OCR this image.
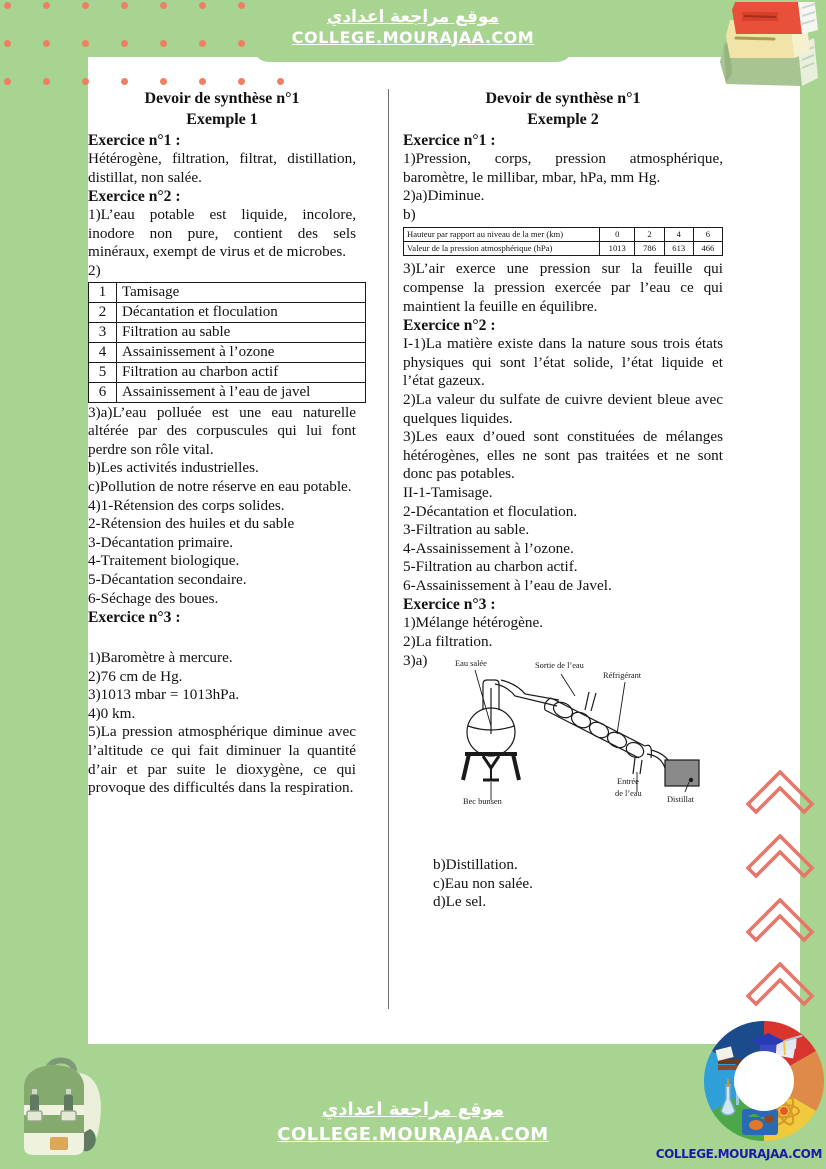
موقع مراجعة اعدادي
COLLEGE.MOURAJAA.COM
موقع مراجعة اعدادي
COLLEGE.MOURAJAA.COM
COLLEGE.MOURAJAA.COM
Devoir de synthèse n°1
Exemple 1
Exercice n°1 :

Hétérogène, filtration, filtrat, distillation, distillat, non salée.

Exercice n°2 :

1)L’eau potable est liquide, incolore, inodore non pure, contient des sels minéraux, exempt de virus et de microbes.

2)

1	Tamisage
2	Décantation et floculation
3	Filtration au sable
4	Assainissement à l’ozone
5	Filtration au charbon actif
6	Assainissement à l’eau de javel

3)a)L’eau polluée est une eau naturelle altérée par des corpuscules qui lui font perdre son rôle vital.

b)Les activités industrielles.

c)Pollution de notre réserve en eau potable.

4)1-Rétension des corps solides.

2-Rétension des huiles et du sable

3-Décantation primaire.

4-Traitement biologique.

5-Décantation secondaire.

6-Séchage des boues.

Exercice n°3 :

1)Baromètre à mercure.

2)76 cm de Hg.

3)1013 mbar = 1013hPa.

4)0 km.

5)La pression atmosphérique diminue avec l’altitude ce qui fait diminuer la quantité d’air et par suite le dioxygène, ce qui provoque des difficultés dans la respiration.

Devoir de synthèse n°1
Exemple 2
Exercice n°1 :

1)Pression, corps, pression atmosphérique, baromètre, le millibar, mbar, hPa, mm Hg.

2)a)Diminue.

b)

Hauteur par rapport au niveau de la mer (km)	0	2	4	6
Valeur de la pression atmosphérique (hPa)	1013	786	613	466

3)L’air exerce une pression sur la feuille qui compense la pression exercée par l’eau ce qui maintient la feuille en équilibre.

Exercice n°2 :

I-1)La matière existe dans la nature sous trois états physiques qui sont l’état solide, l’état liquide et l’état gazeux.

2)La valeur du sulfate de cuivre devient bleue avec quelques liquides.

3)Les eaux d’oued sont constituées de mélanges hétérogènes, elles ne sont pas traitées et ne sont donc pas potables.

II-1-Tamisage.

2-Décantation et floculation.

3-Filtration au sable.

4-Assainissement à l’ozone.

5-Filtration au charbon actif.

6-Assainissement à l’eau de Javel.

Exercice n°3 :

1)Mélange hétérogène.

2)La filtration.

3)a)	Eau salée	Sortie de l’eau
Réfrigérant
Entrée
de l’eau
Distillat
Bec bunsen

b)Distillation.

c)Eau non salée.

d)Le sel.
